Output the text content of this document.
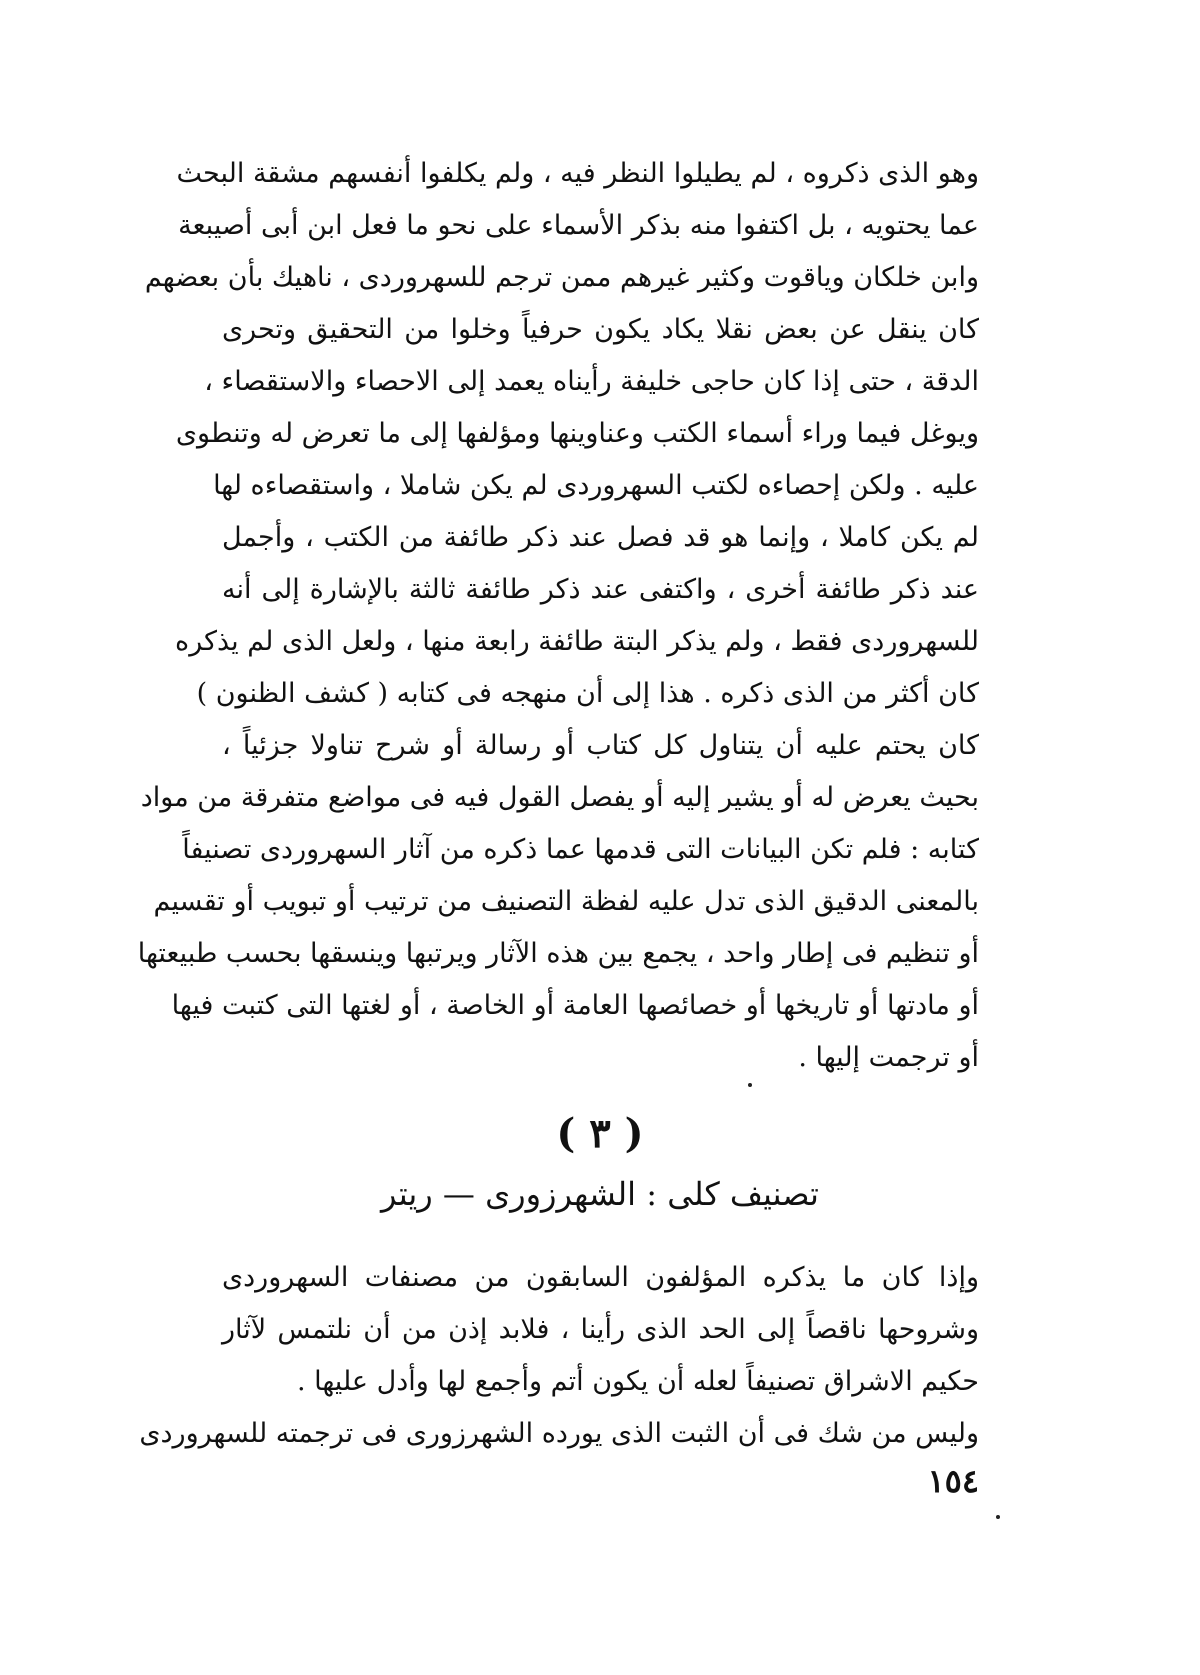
وهو الذى ذكروه ، لم يطيلوا النظر فيه ، ولم يكلفوا أنفسهم مشقة البحث
عما يحتويه ، بل اكتفوا منه بذكر الأسماء على نحو ما فعل ابن أبى أصيبعة
وابن خلكان وياقوت وكثير غيرهم ممن ترجم للسهروردى ، ناهيك بأن بعضهم
كان ينقل عن بعض نقلا يكاد يكون حرفياً وخلوا من التحقيق وتحرى
الدقة ، حتى إذا كان حاجى خليفة رأيناه يعمد إلى الاحصاء والاستقصاء ،
ويوغل فيما وراء أسماء الكتب وعناوينها ومؤلفها إلى ما تعرض له وتنطوى
عليه . ولكن إحصاءه لكتب السهروردى لم يكن شاملا ، واستقصاءه لها
لم يكن كاملا ، وإنما هو قد فصل عند ذكر طائفة من الكتب ، وأجمل
عند ذكر طائفة أخرى ، واكتفى عند ذكر طائفة ثالثة بالإشارة إلى أنه
للسهروردى فقط ، ولم يذكر البتة طائفة رابعة منها ، ولعل الذى لم يذكره
كان أكثر من الذى ذكره . هذا إلى أن منهجه فى كتابه ( كشف الظنون )
كان يحتم عليه أن يتناول كل كتاب أو رسالة أو شرح تناولا جزئياً ،
بحيث يعرض له أو يشير إليه أو يفصل القول فيه فى مواضع متفرقة من مواد
كتابه : فلم تكن البيانات التى قدمها عما ذكره من آثار السهروردى تصنيفاً
بالمعنى الدقيق الذى تدل عليه لفظة التصنيف من ترتيب أو تبويب أو تقسيم
أو تنظيم فى إطار واحد ، يجمع بين هذه الآثار ويرتبها وينسقها بحسب طبيعتها
أو مادتها أو تاريخها أو خصائصها العامة أو الخاصة ، أو لغتها التى كتبت فيها
أو ترجمت إليها .
( ٣ )
تصنيف كلى : الشهرزورى — ريتر
وإذا كان ما يذكره المؤلفون السابقون من مصنفات السهروردى
وشروحها ناقصاً إلى الحد الذى رأينا ، فلابد إذن من أن نلتمس لآثار
حكيم الاشراق تصنيفاً لعله أن يكون أتم وأجمع لها وأدل عليها .
وليس من شك فى أن الثبت الذى يورده الشهرزورى فى ترجمته للسهروردى
١٥٤
